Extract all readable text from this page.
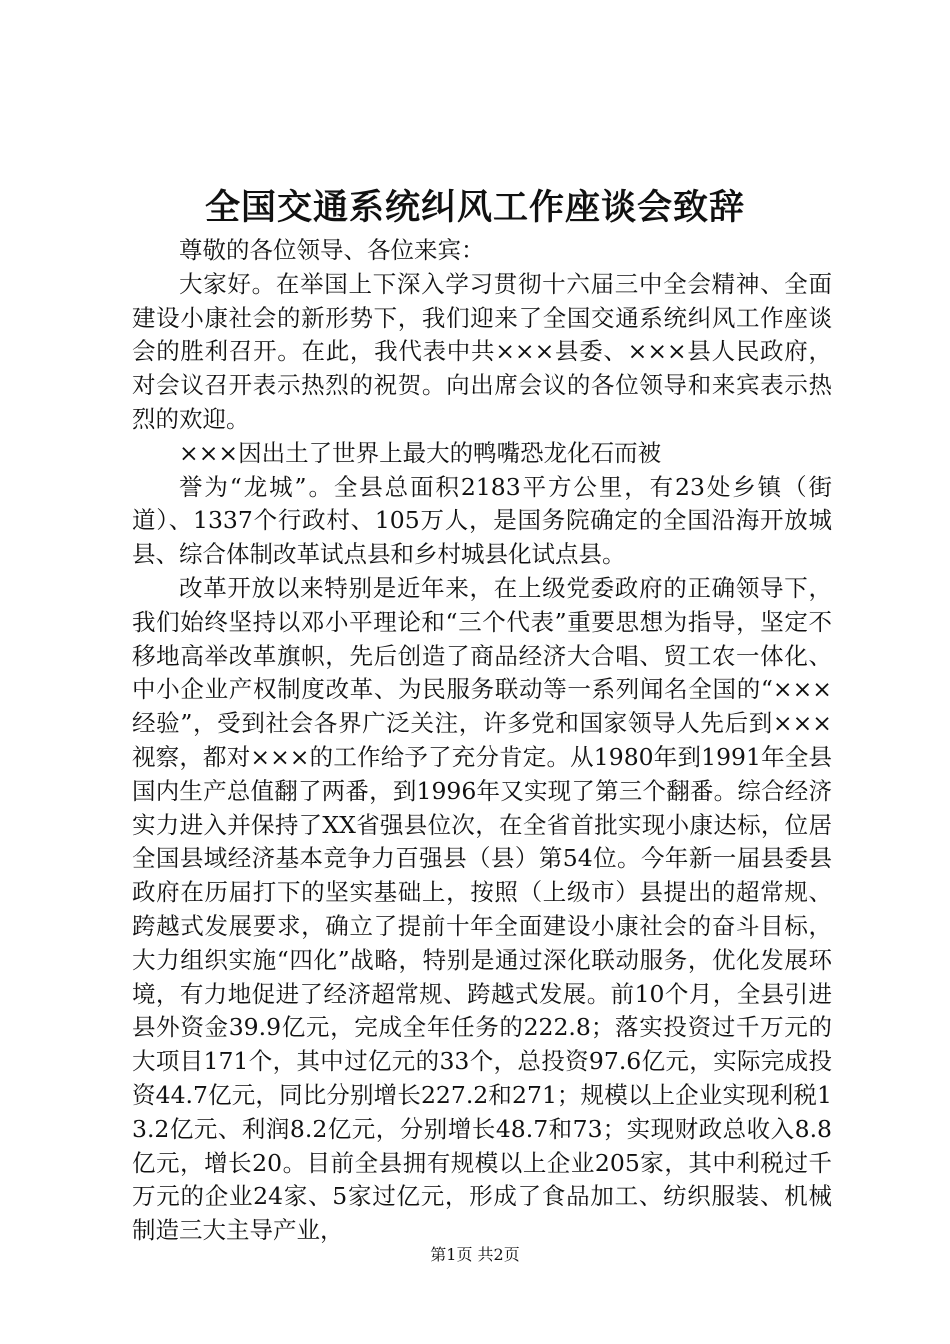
全国交通系统纠风工作座谈会致辞

尊敬的各位领导、各位来宾：

大家好。在举国上下深入学习贯彻十六届三中全会精神、全面建设小康社会的新形势下，我们迎来了全国交通系统纠风工作座谈会的胜利召开。在此，我代表中共×××县委、×××县人民政府，对会议召开表示热烈的祝贺。向出席会议的各位领导和来宾表示热烈的欢迎。

×××因出土了世界上最大的鸭嘴恐龙化石而被

誉为“龙城”。全县总面积2183平方公里，有23处乡镇（街道）、1337个行政村、105万人，是国务院确定的全国沿海开放城县、综合体制改革试点县和乡村城县化试点县。

改革开放以来特别是近年来，在上级党委政府的正确领导下，我们始终坚持以邓小平理论和“三个代表”重要思想为指导，坚定不移地高举改革旗帜，先后创造了商品经济大合唱、贸工农一体化、中小企业产权制度改革、为民服务联动等一系列闻名全国的“×××经验”，受到社会各界广泛关注，许多党和国家领导人先后到×××视察，都对×××的工作给予了充分肯定。从1980年到1991年全县国内生产总值翻了两番，到1996年又实现了第三个翻番。综合经济实力进入并保持了XX省强县位次，在全省首批实现小康达标，位居全国县域经济基本竞争力百强县（县）第54位。今年新一届县委县政府在历届打下的坚实基础上，按照（上级市）县提出的超常规、跨越式发展要求，确立了提前十年全面建设小康社会的奋斗目标，大力组织实施“四化”战略，特别是通过深化联动服务，优化发展环境，有力地促进了经济超常规、跨越式发展。前10个月，全县引进县外资金39.9亿元，完成全年任务的222.8；落实投资过千万元的大项目171个，其中过亿元的33个，总投资97.6亿元，实际完成投资44.7亿元，同比分别增长227.2和271；规模以上企业实现利税13.2亿元、利润8.2亿元，分别增长48.7和73；实现财政总收入8.8亿元，增长20。目前全县拥有规模以上企业205家，其中利税过千万元的企业24家、5家过亿元，形成了食品加工、纺织服装、机械制造三大主导产业，

第1页 共2页
